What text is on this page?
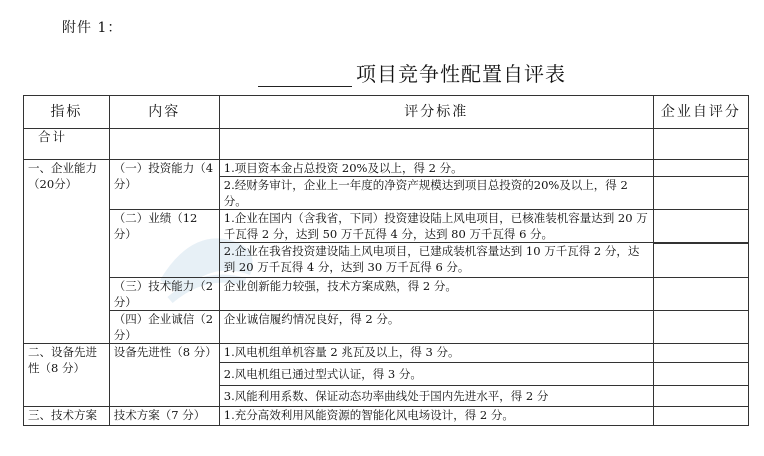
附件 1：
项目竞争性配置自评表
指标	内容	评分标准	企业自评分
合计			
一、企业能力（20分）	（一）投资能力（4分）	1.项目资本金占总投资 20%及以上，得 2 分。	
		2.经财务审计，企业上一年度的净资产规模达到项目总投资的20%及以上，得 2 分。	
	（二）业绩（12 分）	1.企业在国内（含我省，下同）投资建设陆上风电项目，已核准装机容量达到 20 万千瓦得 2 分，达到 50 万千瓦得 4 分，达到 80 万千瓦得 6 分。	
		2.企业在我省投资建设陆上风电项目，已建成装机容量达到 10 万千瓦得 2 分，达到 20 万千瓦得 4 分，达到 30 万千瓦得 6 分。	

	（三）技术能力（2 分）	企业创新能力较强，技术方案成熟，得 2 分。	
	（四）企业诚信（2 分）	企业诚信履约情况良好，得 2 分。	
二、设备先进性（8 分）	设备先进性（8 分）	1.风电机组单机容量 2 兆瓦及以上，得 3 分。	
		2.风电机组已通过型式认证，得 3 分。	
		3.风能利用系数、保证动态功率曲线处于国内先进水平，得 2 分	
三、技术方案	技术方案（7 分）	1.充分高效利用风能资源的智能化风电场设计，得 2 分。	
